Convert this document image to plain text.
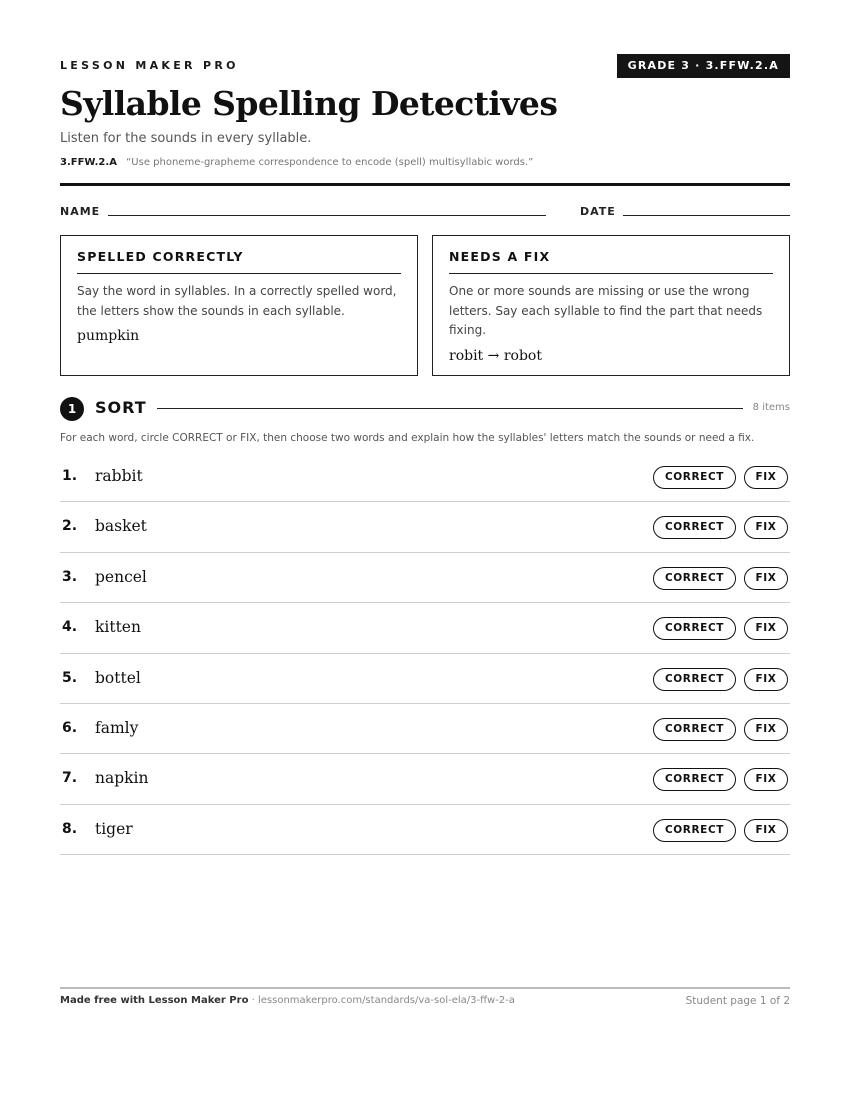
LESSON MAKER PRO	GRADE 3 · 3.FFW.2.A
Syllable Spelling Detectives
Listen for the sounds in every syllable.
3.FFW.2.A “Use phoneme-grapheme correspondence to encode (spell) multisyllabic words.”
NAME	DATE
SPELLED CORRECTLY
Say the word in syllables. In a correctly spelled word, the letters show the sounds in each syllable.
pumpkin
NEEDS A FIX
One or more sounds are missing or use the wrong letters. Say each syllable to find the part that needs fixing.
robit → robot
1	SORT	8 items
For each word, circle CORRECT or FIX, then choose two words and explain how the syllables' letters match the sounds or need a fix.
1. rabbit	CORRECT	FIX
2. basket	CORRECT	FIX
3. pencel	CORRECT	FIX
4. kitten	CORRECT	FIX
5. bottel	CORRECT	FIX
6. famly	CORRECT	FIX
7. napkin	CORRECT	FIX
8. tiger	CORRECT	FIX
Made free with Lesson Maker Pro · lessonmakerpro.com/standards/va-sol-ela/3-ffw-2-a	Student page 1 of 2
